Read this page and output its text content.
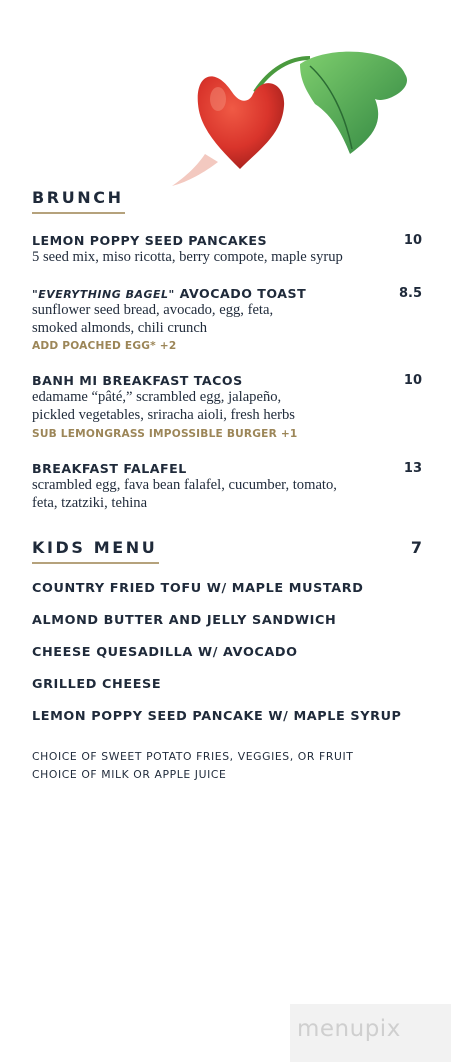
BRUNCH
LEMON POPPY SEED PANCAKES	10
5 seed mix, miso ricotta, berry compote, maple syrup
"EVERYTHING BAGEL" AVOCADO TOAST	8.5
sunflower seed bread, avocado, egg, feta,
smoked almonds, chili crunch
ADD POACHED EGG* +2
BANH MI BREAKFAST TACOS	10
edamame “pâté,” scrambled egg, jalapeño,
pickled vegetables, sriracha aioli, fresh herbs
SUB LEMONGRASS IMPOSSIBLE BURGER +1
BREAKFAST FALAFEL	13
scrambled egg, fava bean falafel, cucumber, tomato,
feta, tzatziki, tehina
KIDS MENU	7
COUNTRY FRIED TOFU W/ MAPLE MUSTARD
ALMOND BUTTER AND JELLY SANDWICH
CHEESE QUESADILLA W/ AVOCADO
GRILLED CHEESE
LEMON POPPY SEED PANCAKE W/ MAPLE SYRUP
CHOICE OF SWEET POTATO FRIES, VEGGIES, OR FRUIT
CHOICE OF MILK OR APPLE JUICE
menupix
